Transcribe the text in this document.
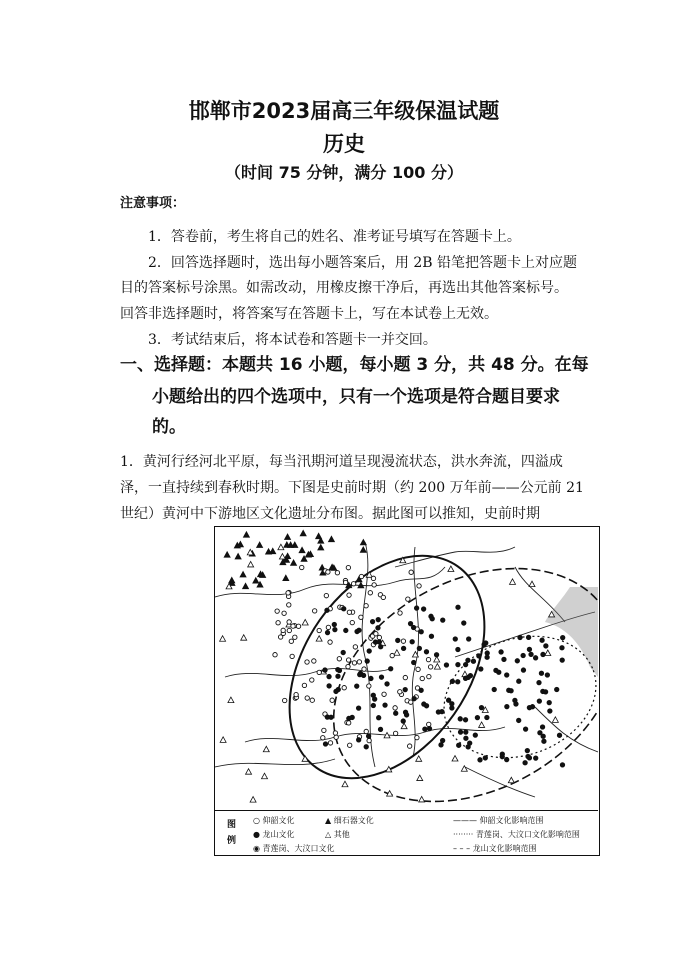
邯郸市2023届高三年级保温试题
历史
（时间 75 分钟，满分 100 分）
注意事项：
1．答卷前，考生将自己的姓名、准考证号填写在答题卡上。
2．回答选择题时，选出每小题答案后，用 2B 铅笔把答题卡上对应题
目的答案标号涂黑。如需改动，用橡皮擦干净后，再选出其他答案标号。
回答非选择题时，将答案写在答题卡上，写在本试卷上无效。
3．考试结束后，将本试卷和答题卡一并交回。
一、选择题：本题共 16 小题，每小题 3 分，共 48 分。在每
小题给出的四个选项中，只有一个选项是符合题目要求
的。
1．黄河行经河北平原，每当汛期河道呈现漫流状态，洪水奔流，四溢成
泽，一直持续到春秋时期。下图是史前时期（约 200 万年前——公元前 21
世纪）黄河中下游地区文化遗址分布图。据此图可以推知，史前时期
图例
○ 仰韶文化	▲ 细石器文化	——— 仰韶文化影响范围
● 龙山文化	△ 其他	········ 青莲岗、大汶口文化影响范围
◉ 青莲岗、大汶口文化	– – – 龙山文化影响范围
